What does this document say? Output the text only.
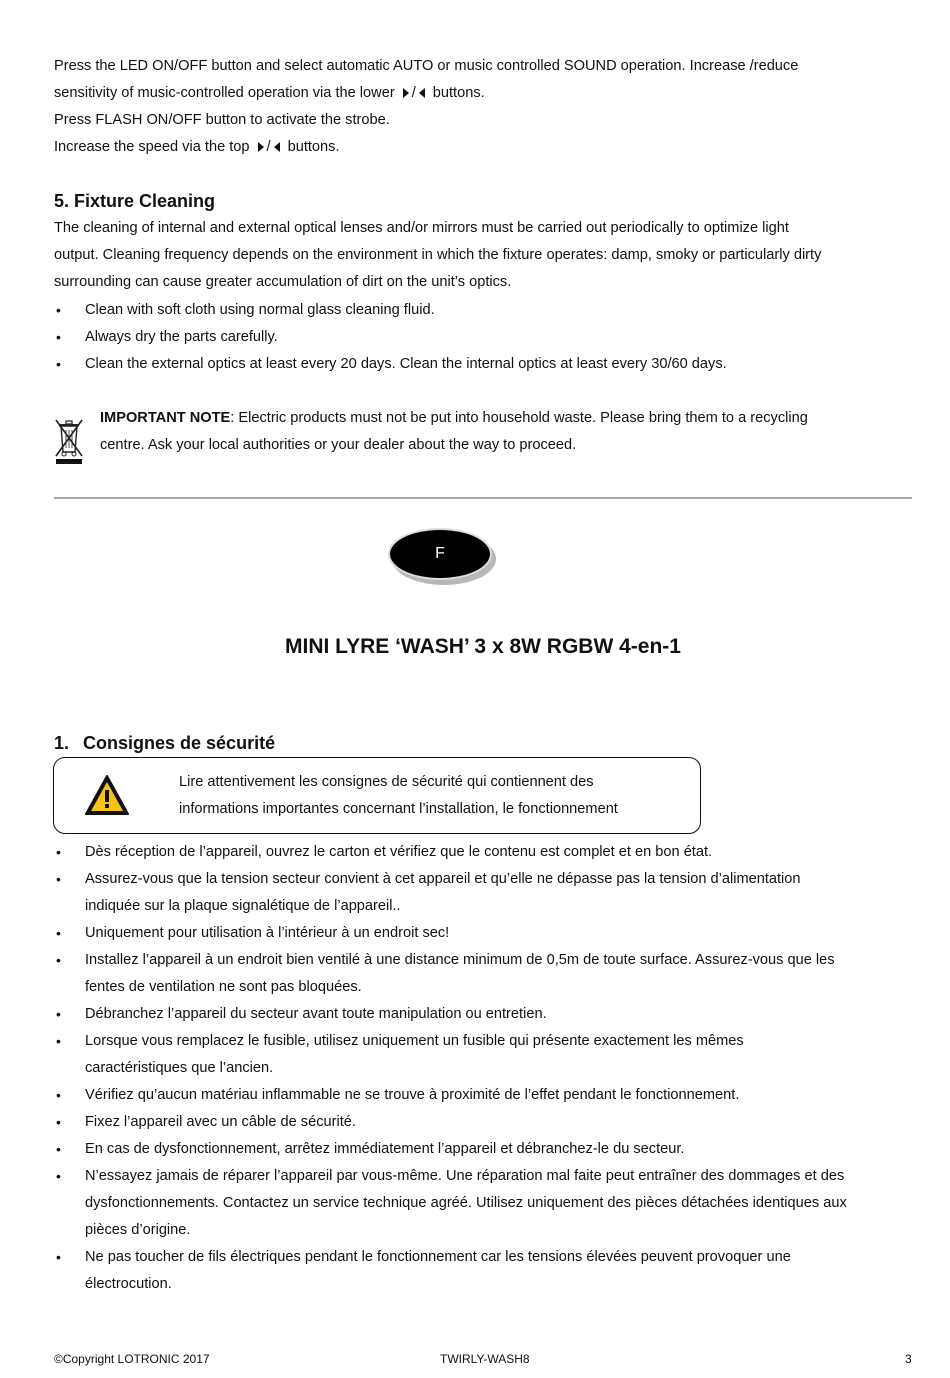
Press the LED ON/OFF button and select automatic AUTO or music controlled SOUND operation. Increase /reduce
sensitivity of music-controlled operation via the lower / buttons.
Press FLASH ON/OFF button to activate the strobe.
Increase the speed via the top / buttons.
5. Fixture Cleaning
The cleaning of internal and external optical lenses and/or mirrors must be carried out periodically to optimize light
output. Cleaning frequency depends on the environment in which the fixture operates: damp, smoky or particularly dirty
surrounding can cause greater accumulation of dirt on the unit’s optics.
•	Clean with soft cloth using normal glass cleaning fluid.
•	Always dry the parts carefully.
•	Clean the external optics at least every 20 days. Clean the internal optics at least every 30/60 days.
IMPORTANT NOTE: Electric products must not be put into household waste. Please bring them to a recycling
centre. Ask your local authorities or your dealer about the way to proceed.
F
MINI LYRE ‘WASH’ 3 x 8W RGBW 4-en-1
1. Consignes de sécurité
Lire attentivement les consignes de sécurité qui contiennent des
informations importantes concernant l’installation, le fonctionnement
•	Dès réception de l’appareil, ouvrez le carton et vérifiez que le contenu est complet et en bon état.
•	Assurez-vous que la tension secteur convient à cet appareil et qu’elle ne dépasse pas la tension d’alimentation
indiquée sur la plaque signalétique de l’appareil..
•	Uniquement pour utilisation à l’intérieur à un endroit sec!
•	Installez l’appareil à un endroit bien ventilé à une distance minimum de 0,5m de toute surface. Assurez-vous que les
fentes de ventilation ne sont pas bloquées.
•	Débranchez l’appareil du secteur avant toute manipulation ou entretien.
•	Lorsque vous remplacez le fusible, utilisez uniquement un fusible qui présente exactement les mêmes
caractéristiques que l’ancien.
•	Vérifiez qu’aucun matériau inflammable ne se trouve à proximité de l’effet pendant le fonctionnement.
•	Fixez l’appareil avec un câble de sécurité.
•	En cas de dysfonctionnement, arrêtez immédiatement l’appareil et débranchez-le du secteur.
•	N’essayez jamais de réparer l’appareil par vous-même. Une réparation mal faite peut entraîner des dommages et des
dysfonctionnements. Contactez un service technique agréé. Utilisez uniquement des pièces détachées identiques aux
pièces d’origine.
•	Ne pas toucher de fils électriques pendant le fonctionnement car les tensions élevées peuvent provoquer une
électrocution.
©Copyright LOTRONIC 2017	TWIRLY-WASH8	3
